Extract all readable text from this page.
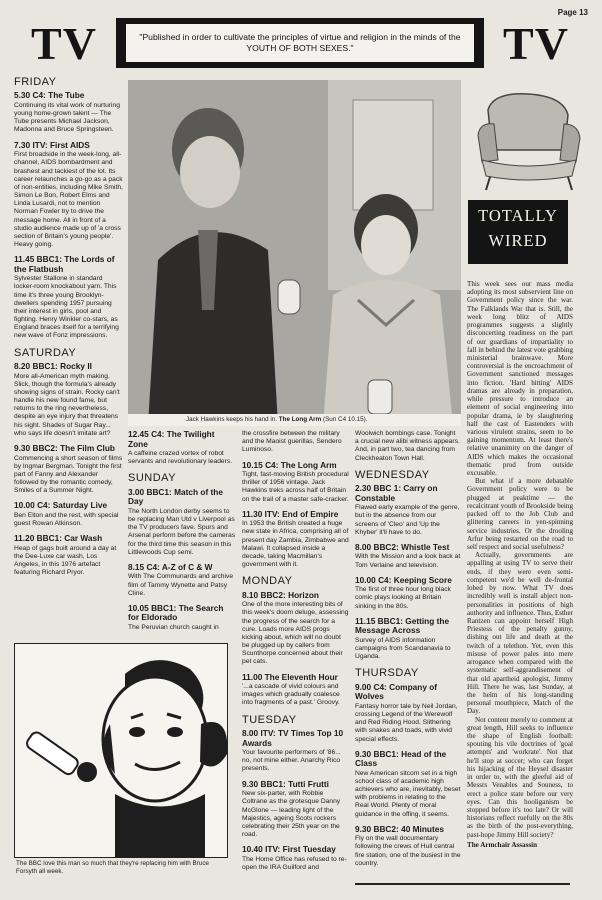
Page 13
TV	"Published in order to cultivate the principles of virtue and religion in the minds of the YOUTH OF BOTH SEXES."	TV
FRIDAY
5.30 C4: The Tube

Continuing its vital work of nurturing young home-grown talent — The Tube presents Michael Jackson, Madonna and Bruce Springsteen.

7.30 ITV: First AIDS

First broadside in the week-long, all-channel, AIDS bombardment and brashest and tackiest of the lot. Its career relaunches a go-go as a pack of non-entities, including Mike Smith, Simon Le Bon, Robert Elms and Linda Lusardi, not to mention Norman Fowler try to drive the message home. All in front of a studio audience made up of 'a cross section of Britain's young people'. Heavy going.

11.45 BBC1: The Lords of the Flatbush

Sylvester Stallone in standard locker-room knockabout yarn. This time it's three young Brooklyn-dwellers spending 1957 pursuing their interest in girls, pool and fighting. Henry Winkler co-stars, as England braces itself for a terrifying new wave of Fonz impressions.

SATURDAY
8.20 BBC1: Rocky II

More all-American myth making. Slick, though the formula's already showing signs of strain. Rocky can't handle his new found fame, but returns to the ring nevertheless, despite an eye injury that threatens his sight. Shades of Sugar Ray... who says life doesn't imitate art?

9.30 BBC2: The Film Club

Commencing a short season of films by Ingmar Bergman. Tonight the first part of Fanny and Alexander followed by the romantic comedy, Smiles of a Summer Night.

10.00 C4: Saturday Live

Ben Elton and the rest, with special guest Rowan Atkinson.

11.20 BBC1: Car Wash

Heap of gags built around a day at the Dee-Luxe car wash, Los Angeles, in this 1976 artefact featuring Richard Pryor.

Jack Hawkins keeps his hand in. The Long Arm (Sun C4 10.15).
12.45 C4: The Twilight Zone

A caffeine crazed vortex of robot servants and revolutionary leaders.

SUNDAY
3.00 BBC1: Match of the Day

The North London derby seems to be replacing Man Utd v Liverpool as the TV producers fave. Spurs and Arsenal perform before the cameras for the third time this season in this Littlewoods Cup semi.

8.15 C4: A-Z of C & W

With The Communards and archive film of Tammy Wynette and Patsy Cline.

10.05 BBC1: The Search for Eldorado

The Peruvian church caught in

the crossfire between the military and the Maoist guerillas, Sendero Luminoso.

10.15 C4: The Long Arm

Tight, fast-moving British procedural thriller of 1956 vintage. Jack Hawkins treks across half of Britain on the trail of a master safe-cracker.

11.30 ITV: End of Empire

In 1953 the British created a huge new state in Africa, comprising all of present day Zambia, Zimbabwe and Malawi. It collapsed inside a decade, taking Macmillan's government with it.

MONDAY
8.10 BBC2: Horizon

One of the more interesting bits of this week's doom deluge, assessing the progress of the search for a cure. Loads more AIDS progs kicking about, which will no doubt be plugged up by callers from Scunthorpe concerned about their pet cats.

11.00 The Eleventh Hour

'...a cascade of vivid colours and images which gradually coalesce into fragments of a past.' Groovy.

TUESDAY
8.00 ITV: TV Times Top 10 Awards

Your favourite performers of '86... no, not mine either. Anarchy Rico presents.

9.30 BBC1: Tutti Frutti

New six-parter, with Robbie Coltrane as the grotesque Danny McGlone — leading light of the Majestics, ageing Scots rockers celebrating their 25th year on the road.

10.40 ITV: First Tuesday

The Home Office has refused to re-open the IRA Guilford and

Woolwich bombings case. Tonight a crucial new alibi witness appears. And, in part two, tea dancing from Cleckheaton Town Hall.

WEDNESDAY
2.30 BBC 1: Carry on Constable

Flawed early example of the genre, but in the absence from our screens of 'Cleo' and 'Up the Khyber' it'll have to do.

8.00 BBC2: Whistle Test

With the Mission and a look back at Tom Verlaine and television.

10.00 C4: Keeping Score

The first of three hour long black comic plays looking at Britain sinking in the 80s.

11.15 BBC1: Getting the Message Across

Survey of AIDS information campaigns from Scandanavia to Uganda.

THURSDAY
9.00 C4: Company of Wolves

Fantasy horror tale by Neil Jordan, crossing Legend of the Werewolf and Red Riding Hood. Slithering with snakes and toads, with vivid special effects.

9.30 BBC1: Head of the Class

New American sitcom set in a high school class of academic high achievers who are, inevitably, beset with problems in relating to the Real World. Plenty of moral guidance in the offing, it seems.

9.30 BBC2: 40 Minutes

Fly on the wall documentary following the crews of Hull central fire station, one of the busiest in the country.

The BBC love this man so much that they're replacing him with Bruce Forsyth all week.
TOTALLY WIRED

This week sees our mass media adopting its most subservient line on Government policy since the war. The Falklands War that is. Still, the week long blitz of AIDS programmes suggests a slightly disconcerting readiness on the part of our guardians of impartiality to fall in behind the latest vote grabbing ministerial brainwave. More controversial is the encroachment of Government sanctioned messages into fiction. 'Hard hitting' AIDS dramas are already in preparation, while pressure to introduce an element of social engineering into popular drama, ie by slaughtering half the cast of Eastenders with various virulent strains, seem to be gaining momentum. At least there's relative unanimity on the danger of AIDS which makes the occasional thematic prod from outside excusable.

But what if a more debatable Government policy were to be plugged at peaktime — the recalcitrant youth of Brookside being packed off to the Job Club and glittering careers in yen-spinning service industries. Or the drooling Arfur being restarted on the road to self respect and social usefulness?

Actually, governments are appalling at using TV to serve their ends, if they were even semi-competent we'd be well de-frontal lobed by now. What TV does incredibly well is install abject non-personalities in positions of high authority and influence. Thus, Esther Rantzen can appoint herself High Priestess of the penalty gunny, dishing out life and death at the twitch of a telethon. Yet, even this misuse of power pales into mere arrogance when compared with the systematic self-aggrandisement of that old apartheid apologist, Jimmy Hill. There he was, last Sunday, at the helm of his long-standing personal mouthpiece, Match of the Day.

Not content merely to comment at great length, Hill seeks to influence the shape of English football: spouting his vile doctrines of 'goal attempts' and 'workrate'. Not that he'll stop at soccer; who can forget his hijacking of the Heysel disaster in order to, with the gleeful aid of Messrs Venables and Souness, to erect a police state before our very eyes. Can this hooliganism be stopped before it's too late? Or will historians reflect ruefully on the 80s as the birth of the post-everything, past-hope Jimmy Hill society?

The Armchair Assassin
